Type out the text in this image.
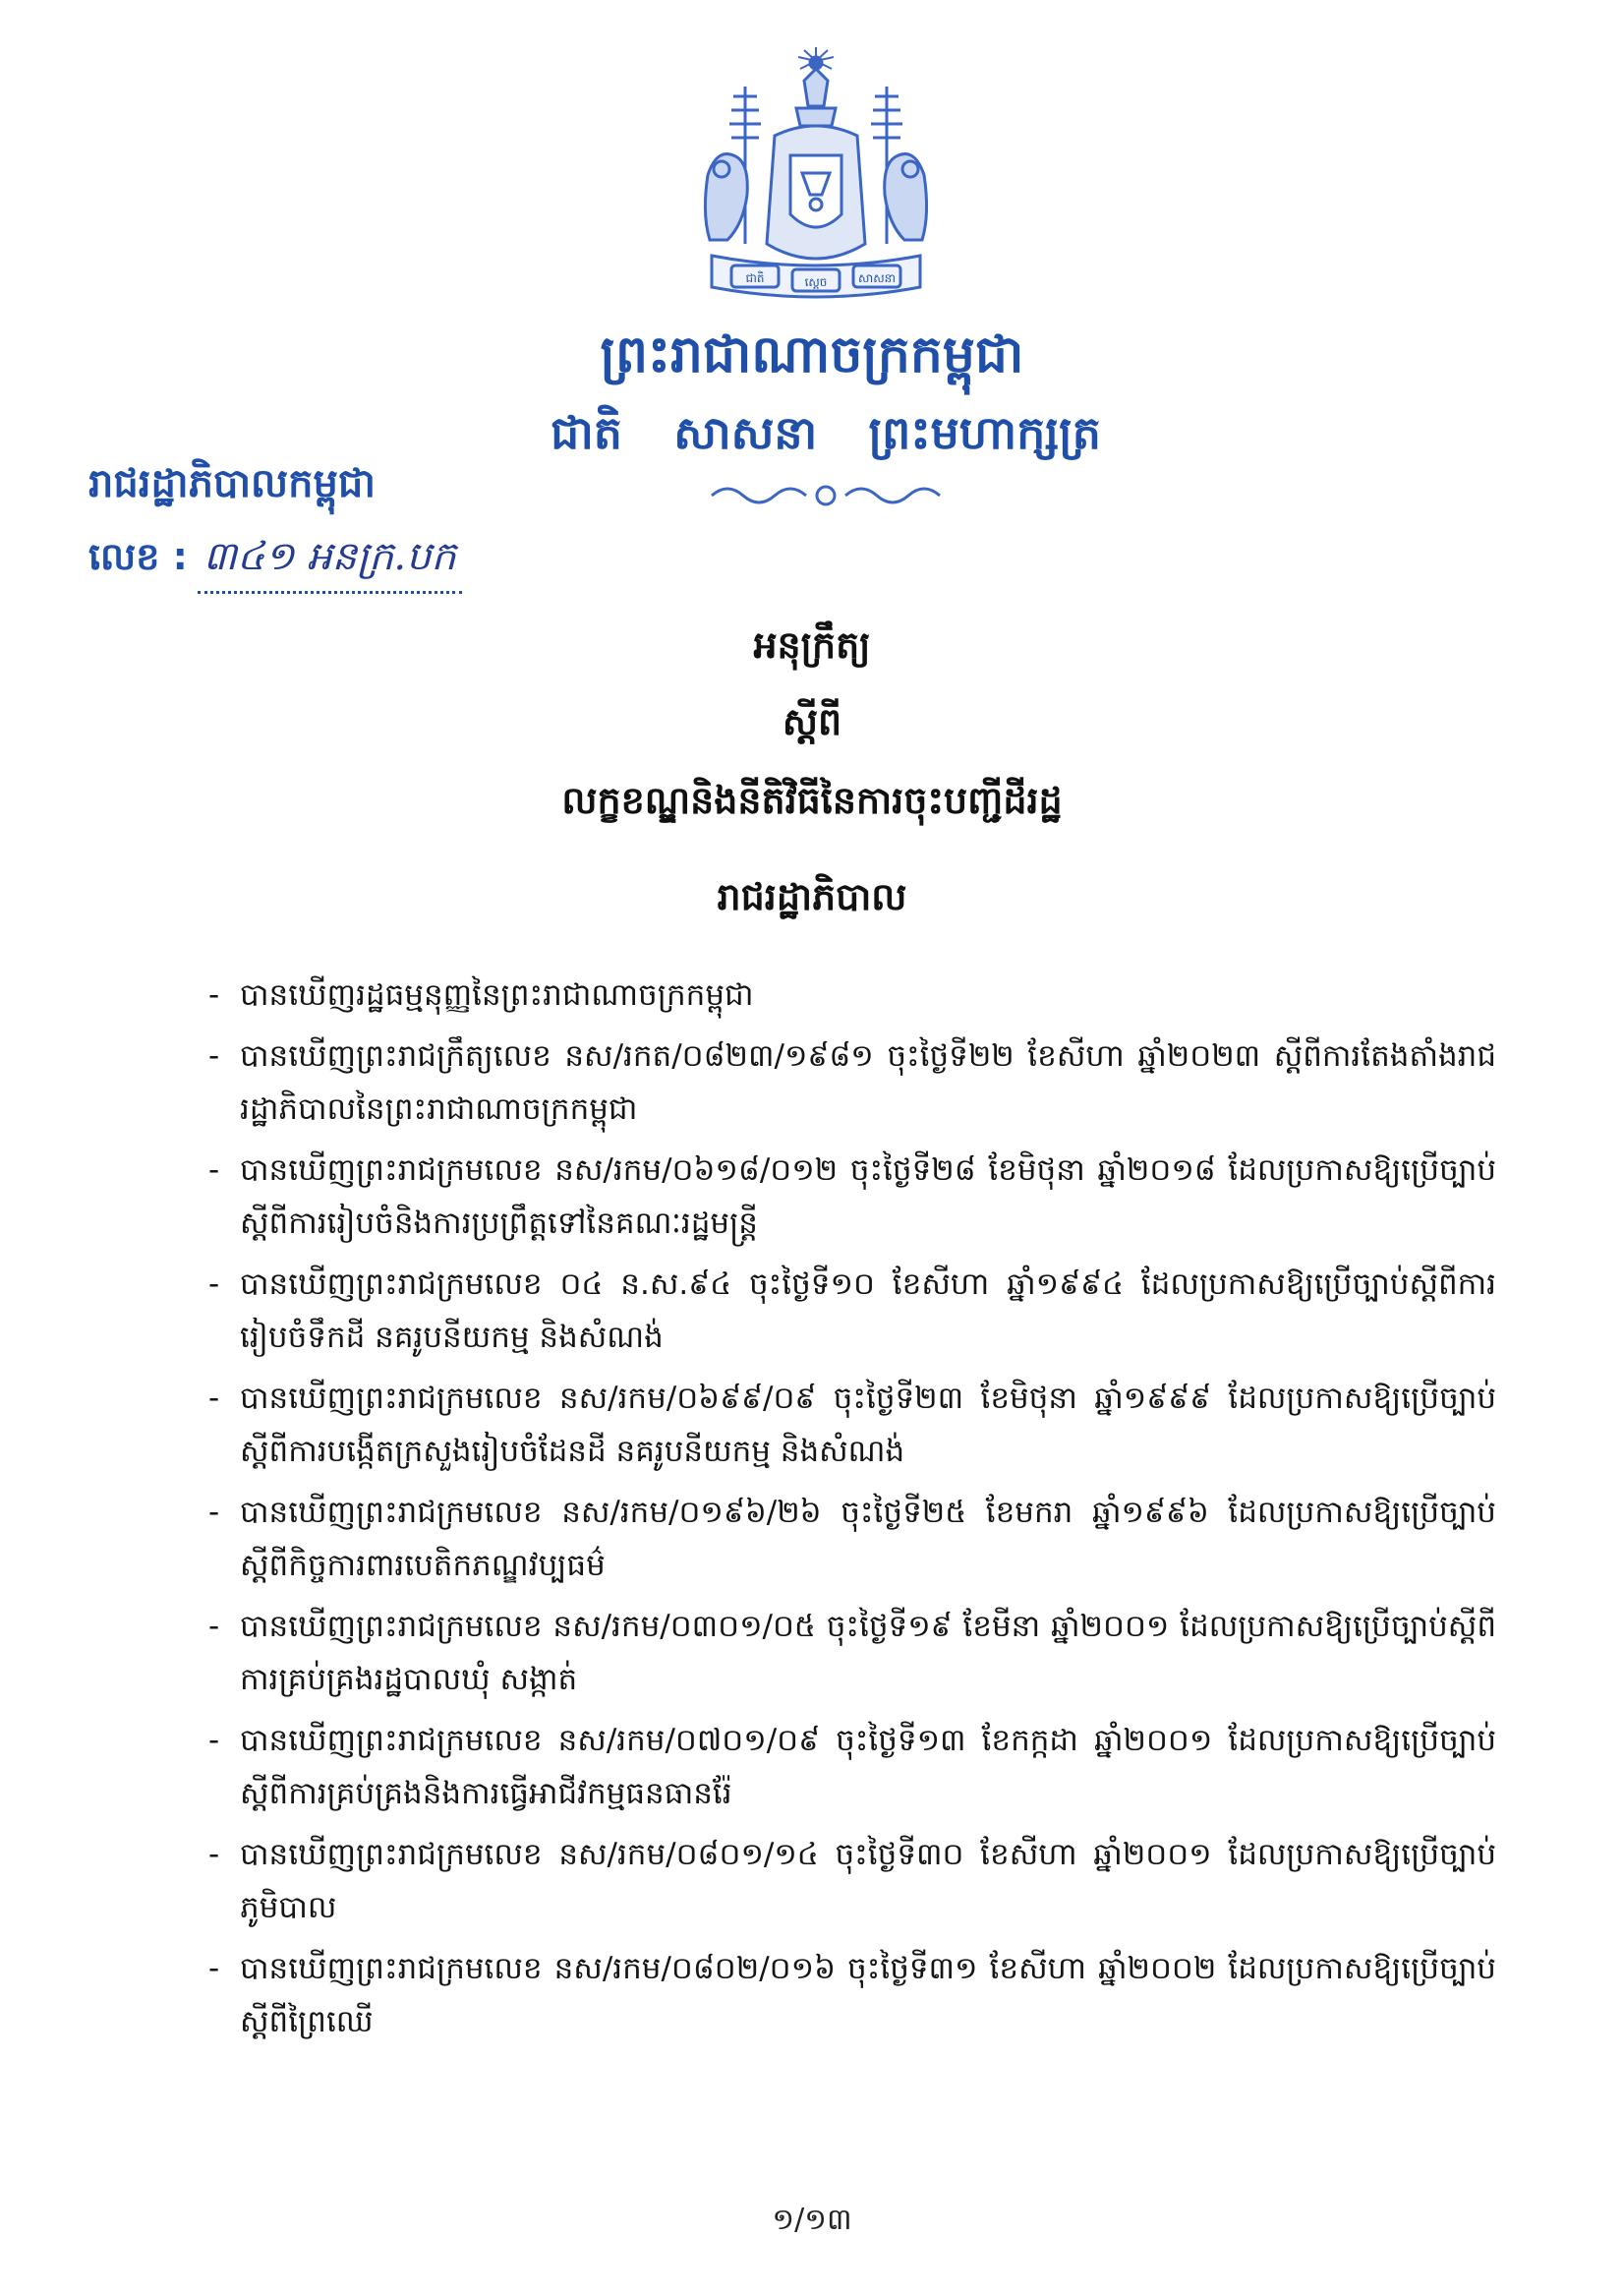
ជាតិ	ស្ដេច	សាសនា
ព្រះរាជាណាចក្រកម្ពុជា
ជាតិ សាសនា ព្រះមហាក្សត្រ
រាជរដ្ឋាភិបាលកម្ពុជា
លេខ : ៣៤១ អនក្រ.បក
អនុក្រឹត្យ
ស្ដីពី
លក្ខខណ្ឌនិងនីតិវិធីនៃការចុះបញ្ជីដីរដ្ឋ
រាជរដ្ឋាភិបាល
- បានឃើញរដ្ឋធម្មនុញ្ញនៃព្រះរាជាណាចក្រកម្ពុជា
- បានឃើញព្រះរាជក្រឹត្យលេខ នស/រកត/០៨២៣/១៩៨១ ចុះថ្ងៃទី២២ ខែសីហា ឆ្នាំ២០២៣ ស្ដីពីការតែងតាំងរាជរដ្ឋាភិបាលនៃព្រះរាជាណាចក្រកម្ពុជា
- បានឃើញព្រះរាជក្រមលេខ នស/រកម/០៦១៨/០១២ ចុះថ្ងៃទី២៨ ខែមិថុនា ឆ្នាំ២០១៨ ដែលប្រកាសឱ្យប្រើច្បាប់ស្ដីពីការរៀបចំនិងការប្រព្រឹត្តទៅនៃគណៈរដ្ឋមន្ត្រី
- បានឃើញព្រះរាជក្រមលេខ ០៤ ន.ស.៩៤ ចុះថ្ងៃទី១០ ខែសីហា ឆ្នាំ១៩៩៤ ដែលប្រកាសឱ្យប្រើច្បាប់ស្ដីពីការរៀបចំទឹកដី នគរូបនីយកម្ម និងសំណង់
- បានឃើញព្រះរាជក្រមលេខ នស/រកម/០៦៩៩/០៩ ចុះថ្ងៃទី២៣ ខែមិថុនា ឆ្នាំ១៩៩៩ ដែលប្រកាសឱ្យប្រើច្បាប់ស្ដីពីការបង្កើតក្រសួងរៀបចំដែនដី នគរូបនីយកម្ម និងសំណង់
- បានឃើញព្រះរាជក្រមលេខ នស/រកម/០១៩៦/២៦ ចុះថ្ងៃទី២៥ ខែមករា ឆ្នាំ១៩៩៦ ដែលប្រកាសឱ្យប្រើច្បាប់ស្ដីពីកិច្ចការពារបេតិកភណ្ឌវប្បធម៌
- បានឃើញព្រះរាជក្រមលេខ នស/រកម/០៣០១/០៥ ចុះថ្ងៃទី១៩ ខែមីនា ឆ្នាំ២០០១ ដែលប្រកាសឱ្យប្រើច្បាប់ស្ដីពីការគ្រប់គ្រងរដ្ឋបាលឃុំ សង្កាត់
- បានឃើញព្រះរាជក្រមលេខ នស/រកម/០៧០១/០៩ ចុះថ្ងៃទី១៣ ខែកក្កដា ឆ្នាំ២០០១ ដែលប្រកាសឱ្យប្រើច្បាប់ស្ដីពីការគ្រប់គ្រងនិងការធ្វើអាជីវកម្មធនធានរ៉ែ
- បានឃើញព្រះរាជក្រមលេខ នស/រកម/០៨០១/១៤ ចុះថ្ងៃទី៣០ ខែសីហា ឆ្នាំ២០០១ ដែលប្រកាសឱ្យប្រើច្បាប់ភូមិបាល
- បានឃើញព្រះរាជក្រមលេខ នស/រកម/០៨០២/០១៦ ចុះថ្ងៃទី៣១ ខែសីហា ឆ្នាំ២០០២ ដែលប្រកាសឱ្យប្រើច្បាប់ស្ដីពីព្រៃឈើ
១/១៣
